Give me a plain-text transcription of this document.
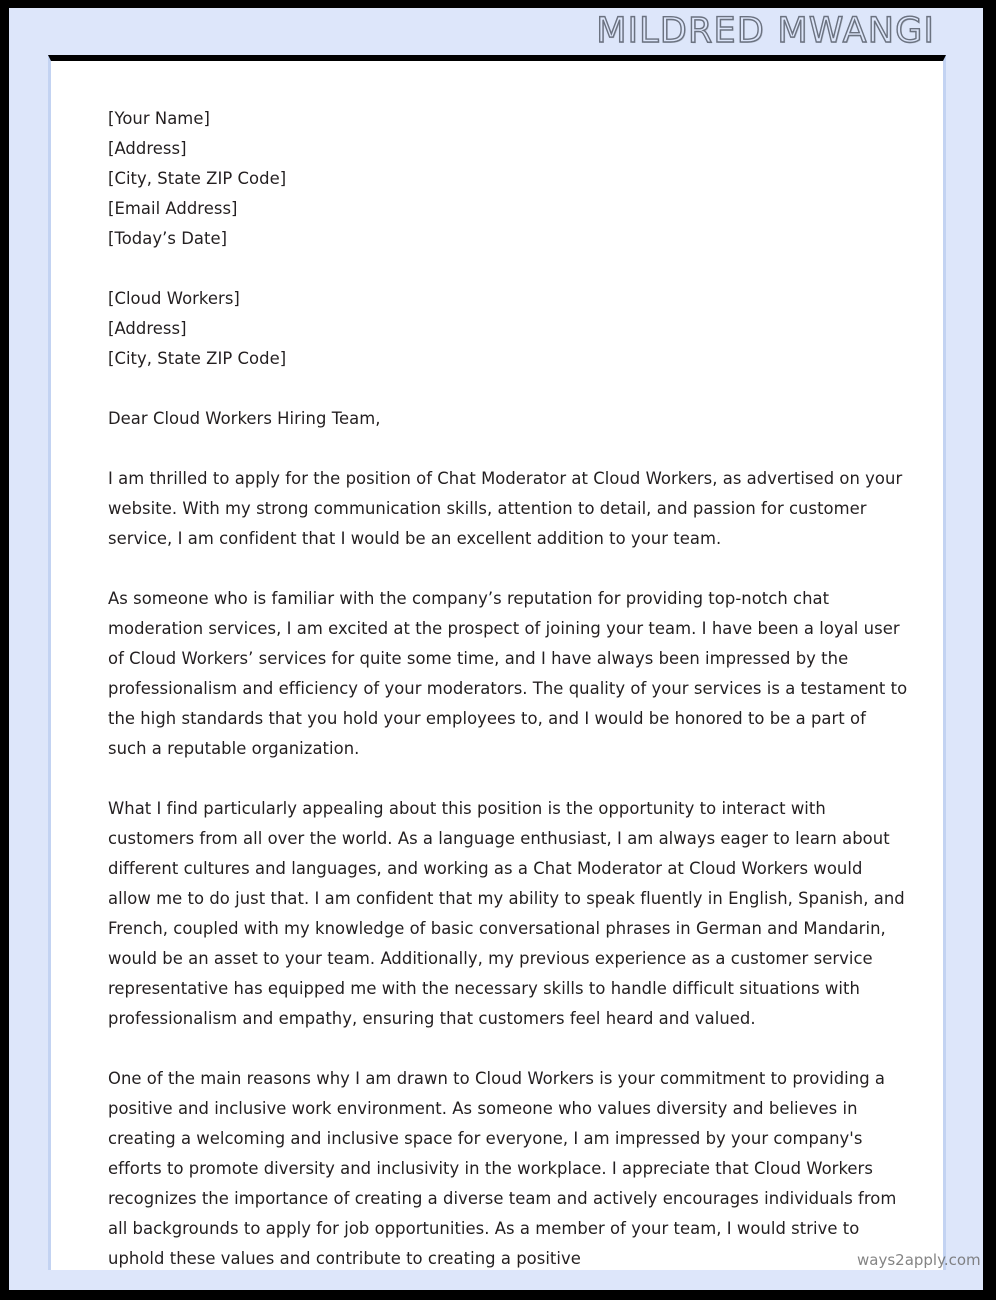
MILDRED MWANGI
[Your Name]
[Address]
[City, State ZIP Code]
[Email Address]
[Today’s Date]
[Cloud Workers]
[Address]
[City, State ZIP Code]

Dear Cloud Workers Hiring Team,

I am thrilled to apply for the position of Chat Moderator at Cloud Workers, as advertised on your website. With my strong communication skills, attention to detail, and passion for customer service, I am confident that I would be an excellent addition to your team.

As someone who is familiar with the company’s reputation for providing top-notch chat moderation services, I am excited at the prospect of joining your team. I have been a loyal user of Cloud Workers’ services for quite some time, and I have always been impressed by the professionalism and efficiency of your moderators. The quality of your services is a testament to the high standards that you hold your employees to, and I would be honored to be a part of such a reputable organization.

What I find particularly appealing about this position is the opportunity to interact with customers from all over the world. As a language enthusiast, I am always eager to learn about different cultures and languages, and working as a Chat Moderator at Cloud Workers would allow me to do just that. I am confident that my ability to speak fluently in English, Spanish, and French, coupled with my knowledge of basic conversational phrases in German and Mandarin, would be an asset to your team. Additionally, my previous experience as a customer service representative has equipped me with the necessary skills to handle difficult situations with professionalism and empathy, ensuring that customers feel heard and valued.

One of the main reasons why I am drawn to Cloud Workers is your commitment to providing a positive and inclusive work environment. As someone who values diversity and believes in creating a welcoming and inclusive space for everyone, I am impressed by your company's efforts to promote diversity and inclusivity in the workplace. I appreciate that Cloud Workers recognizes the importance of creating a diverse team and actively encourages individuals from all backgrounds to apply for job opportunities. As a member of your team, I would strive to uphold these values and contribute to creating a positive	ways2apply.com
